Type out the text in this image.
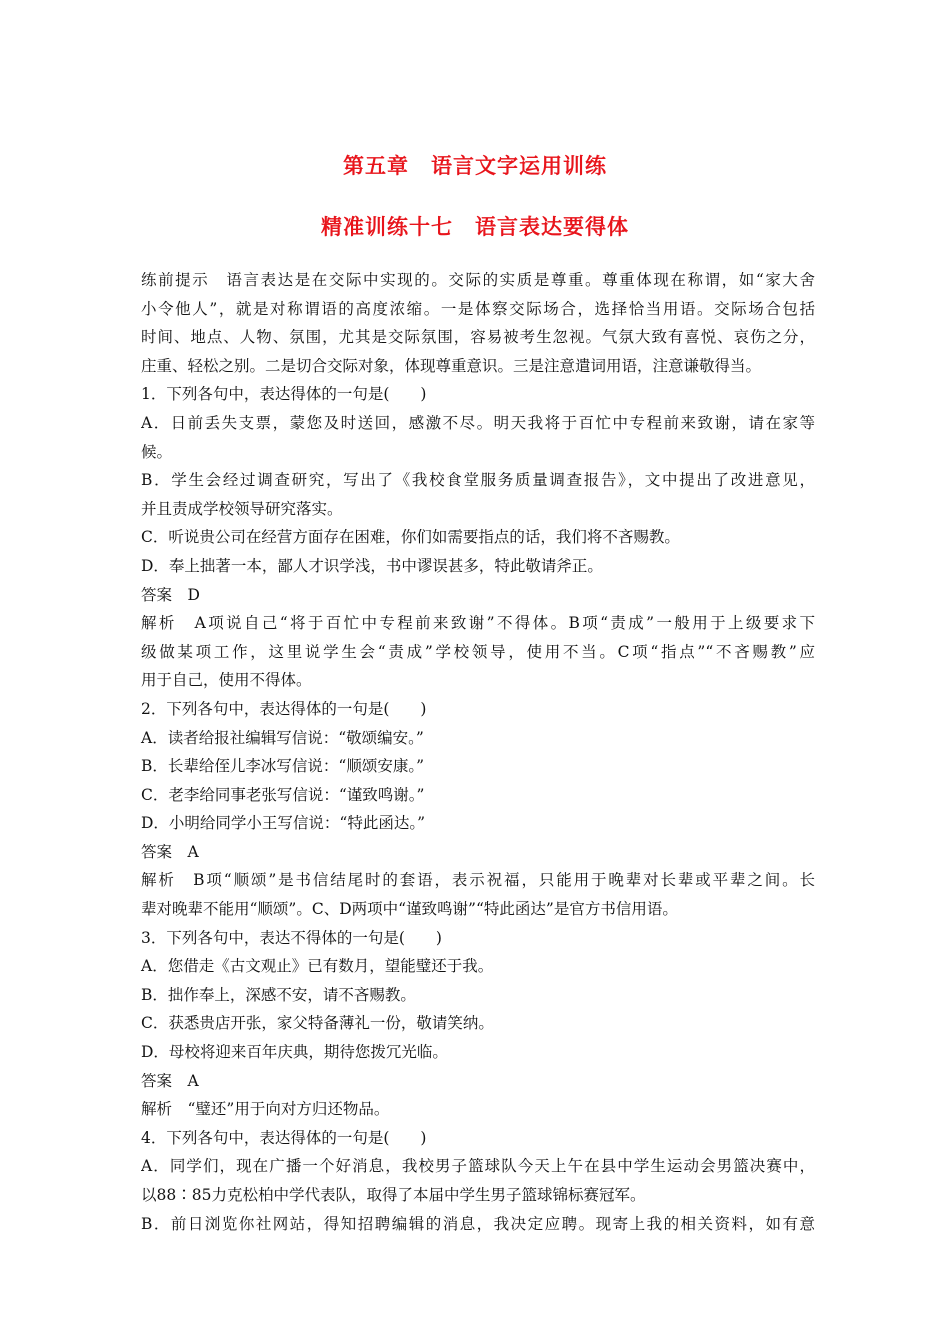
第五章　语言文字运用训练
精准训练十七　语言表达要得体
练前提示　语言表达是在交际中实现的。交际的实质是尊重。尊重体现在称谓，如“家大舍
小令他人”，就是对称谓语的高度浓缩。一是体察交际场合，选择恰当用语。交际场合包括
时间、地点、人物、氛围，尤其是交际氛围，容易被考生忽视。气氛大致有喜悦、哀伤之分，
庄重、轻松之别。二是切合交际对象，体现尊重意识。三是注意遣词用语，注意谦敬得当。
1．下列各句中，表达得体的一句是(　　)
A．日前丢失支票，蒙您及时送回，感激不尽。明天我将于百忙中专程前来致谢，请在家等
候。
B．学生会经过调查研究，写出了《我校食堂服务质量调查报告》，文中提出了改进意见，
并且责成学校领导研究落实。
C．听说贵公司在经营方面存在困难，你们如需要指点的话，我们将不吝赐教。
D．奉上拙著一本，鄙人才识学浅，书中谬误甚多，特此敬请斧正。
答案　D
解析　A项说自己“将于百忙中专程前来致谢”不得体。B项“责成”一般用于上级要求下
级做某项工作，这里说学生会“责成”学校领导，使用不当。C项“指点”“不吝赐教”应
用于自己，使用不得体。
2．下列各句中，表达得体的一句是(　　)
A．读者给报社编辑写信说：“敬颂编安。”
B．长辈给侄儿李冰写信说：“顺颂安康。”
C．老李给同事老张写信说：“谨致鸣谢。”
D．小明给同学小王写信说：“特此函达。”
答案　A
解析　B项“顺颂”是书信结尾时的套语，表示祝福，只能用于晚辈对长辈或平辈之间。长
辈对晚辈不能用“顺颂”。C、D两项中“谨致鸣谢”“特此函达”是官方书信用语。
3．下列各句中，表达不得体的一句是(　　)
A．您借走《古文观止》已有数月，望能璧还于我。
B．拙作奉上，深感不安，请不吝赐教。
C．获悉贵店开张，家父特备薄礼一份，敬请笑纳。
D．母校将迎来百年庆典，期待您拨冗光临。
答案　A
解析　“璧还”用于向对方归还物品。
4．下列各句中，表达得体的一句是(　　)
A．同学们，现在广播一个好消息，我校男子篮球队今天上午在县中学生运动会男篮决赛中，
以88∶85力克松柏中学代表队，取得了本届中学生男子篮球锦标赛冠军。
B．前日浏览你社网站，得知招聘编辑的消息，我决定应聘。现寄上我的相关资料，如有意
